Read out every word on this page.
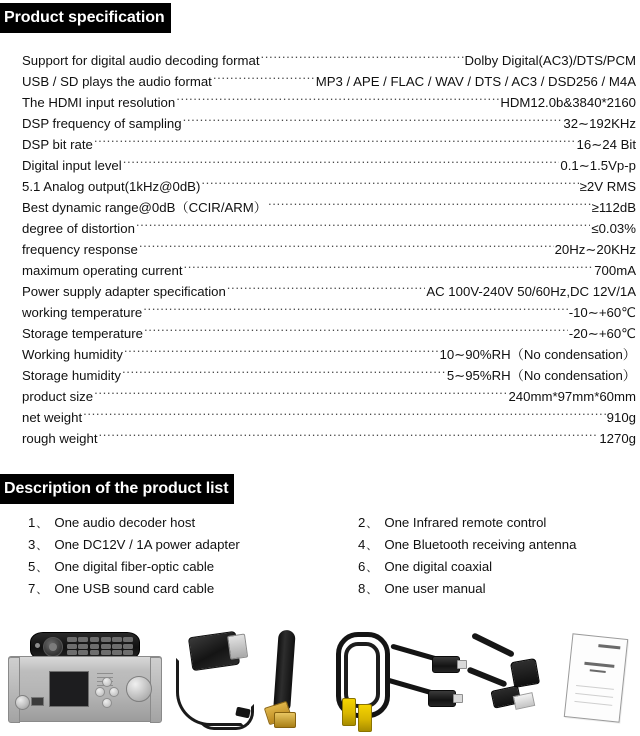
Product specification
Support for digital audio decoding format .....	Dolby Digital(AC3)/DTS/PCM
USB / SD plays the audio format .....	MP3 / APE / FLAC / WAV / DTS / AC3 / DSD256 / M4A
The HDMI input resolution .....	HDM12.0b&3840*2160
DSP frequency of sampling .....	32∼192KHz
DSP bit rate .....	16∼24 Bit
Digital input level .....	0.1∼1.5Vp-p
5.1 Analog output(1kHz@0dB) .....	≥2V RMS
Best dynamic range@0dB（CCIR/ARM） .....	≥112dB
degree of distortion .....	≤0.03%
frequency response .....	20Hz∼20KHz
maximum operating current .....	700mA
Power supply adapter specification .....	AC 100V-240V 50/60Hz,DC 12V/1A
working temperature .....	-10∼+60℃
Storage temperature .....	-20∼+60℃
Working humidity .....	10∼90%RH（No condensation）
Storage humidity .....	5∼95%RH（No condensation）
product size .....	240mm*97mm*60mm
net weight .....	910g
rough weight .....	1270g
Description of the product list
1 、 One audio decoder host	2 、 One Infrared remote control
3 、 One DC12V / 1A power adapter	4 、 One Bluetooth receiving antenna
5 、 One digital fiber-optic cable	6 、 One digital coaxial
7 、 One USB sound card cable	8 、 One user manual
